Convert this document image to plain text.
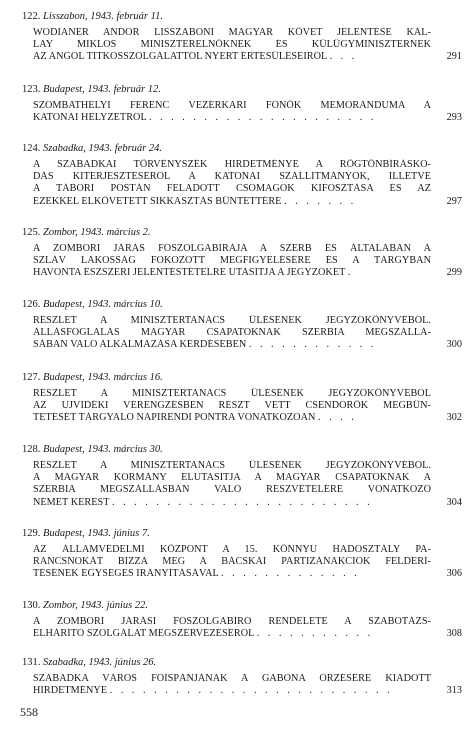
122. Lisszabon, 1943. február 11.
WODIANER ANDOR LISSZABONI MAGYAR KÖVET JELENTÉSE KÁL-
LAY MIKLÓS MINISZTERELNÖKNEK ÉS KÜLÜGYMINISZTERNEK
AZ ANGOL TITKOSSZOLGÁLATTÓL NYERT ÉRTESÜLÉSEIRŐL . . .	291
123. Budapest, 1943. február 12.
SZOMBATHELYI FERENC VEZÉRKARI FŐNÖK MEMORANDUMA A
KATONAI HELYZETRŐL . . . . . . . . . . . . . . . . . . . . .	293
124. Szabadka, 1943. február 24.
A SZABADKAI TÖRVÉNYSZÉK HIRDETMÉNYE A RÖGTÖNBÍRÁSKO-
DÁS KITERJESZTÉSÉRŐL A KATONAI SZÁLLÍTMÁNYOK, ILLETVE
A TÁBORI POSTÁN FELADOTT CSOMAGOK KIFOSZTÁSA ÉS AZ
EZEKKEL ELKÖVETETT SIKKASZTÁS BÜNTETTÉRE . . . . . . .	297
125. Zombor, 1943. március 2.
A ZOMBORI JÁRÁS FŐSZOLGABÍRÁJA A SZERB ÉS ÁLTALÁBAN A
SZLÁV LAKOSSÁG FOKOZOTT MEGFIGYELÉSÉRE ÉS A TÁRGYBAN
HAVONTA ÉSZSZERI JELENTÉSTÉTELRE UTASÍTJA A JEGYZŐKET .	299
126. Budapest, 1943. március 10.
RÉSZLET A MINISZTERTANÁCS ÜLÉSÉNEK JEGYZŐKÖNYVÉBŐL.
ÁLLÁSFOGLALÁS MAGYAR CSAPATOKNAK SZERBIA MEGSZÁLLÁ-
SÁBAN VALÓ ALKALMAZÁSA KÉRDÉSÉBEN . . . . . . . . . . . .	300
127. Budapest, 1943. március 16.
RÉSZLET A MINISZTERTANÁCS ÜLÉSÉNEK JEGYZŐKÖNYVÉBŐL
AZ ÚJVIDÉKI VÉRENGZÉSBEN RÉSZT VETT CSENDŐRÖK MEGBÜN-
TETÉSÉT TÁRGYALÓ NAPIRENDI PONTRA VONATKOZÓAN . . . .	302
128. Budapest, 1943. március 30.
RÉSZLET A MINISZTERTANÁCS ÜLÉSÉNEK JEGYZŐKÖNYVÉBŐL.
A MAGYAR KORMÁNY ELUTASÍTJA A MAGYAR CSAPATOKNAK A
SZERBIA MEGSZÁLLÁSBAN VALÓ RÉSZVÉTELÉRE VONATKOZÓ
NÉMET KÉRÉST . . . . . . . . . . . . . . . . . . . . . . . .	304
129. Budapest, 1943. június 7.
AZ ÁLLAMVÉDELMI KÖZPONT A 15. KÖNNYŰ HADOSZTÁLY PA-
RANCSNOKÁT BÍZZA MEG A BÁCSKAI PARTIZÁNAKCIÓK FELDERÍ-
TÉSÉNEK EGYSÉGES IRÁNYÍTÁSÁVAL . . . . . . . . . . . . .	306
130. Zombor, 1943. június 22.
A ZOMBORI JÁRÁSI FŐSZOLGABÍRÓ RENDELETE A SZABOTÁZS-
ELHÁRÍTÓ SZOLGÁLAT MEGSZERVEZÉSÉRŐL . . . . . . . . . . .	308
131. Szabadka, 1943. június 26.
SZABADKA VÁROS FŐISPÁNJÁNAK A GABONA ŐRZÉSÉRE KIADOTT
HIRDETMÉNYE . . . . . . . . . . . . . . . . . . . . . . . . . .	313
558
